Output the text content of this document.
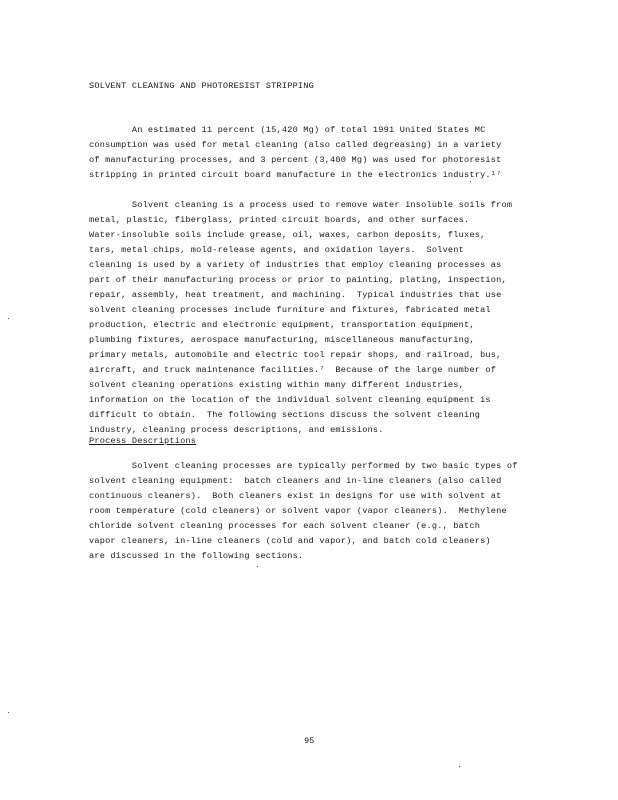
SOLVENT CLEANING AND PHOTORESIST STRIPPING
An estimated 11 percent (15,420 Mg) of total 1991 United States MC
consumption was used for metal cleaning (also called degreasing) in a variety
of manufacturing processes, and 3 percent (3,400 Mg) was used for photoresist
stripping in printed circuit board manufacture in the electronics industry.¹⁷
Solvent cleaning is a process used to remove water insoluble soils from
metal, plastic, fiberglass, printed circuit boards, and other surfaces.
Water-insoluble soils include grease, oil, waxes, carbon deposits, fluxes,
tars, metal chips, mold-release agents, and oxidation layers.  Solvent
cleaning is used by a variety of industries that employ cleaning processes as
part of their manufacturing process or prior to painting, plating, inspection,
repair, assembly, heat treatment, and machining.  Typical industries that use
solvent cleaning processes include furniture and fixtures, fabricated metal
production, electric and electronic equipment, transportation equipment,
plumbing fixtures, aerospace manufacturing, miscellaneous manufacturing,
primary metals, automobile and electric tool repair shops, and railroad, bus,
aircraft, and truck maintenance facilities.⁷  Because of the large number of
solvent cleaning operations existing within many different industries,
information on the location of the individual solvent cleaning equipment is
difficult to obtain.  The following sections discuss the solvent cleaning
industry, cleaning process descriptions, and emissions.
Process Descriptions
Solvent cleaning processes are typically performed by two basic types of
solvent cleaning equipment:  batch cleaners and in-line cleaners (also called
continuous cleaners).  Both cleaners exist in designs for use with solvent at
room temperature (cold cleaners) or solvent vapor (vapor cleaners).  Methylene
chloride solvent cleaning processes for each solvent cleaner (e.g., batch
vapor cleaners, in-line cleaners (cold and vapor), and batch cold cleaners)
are discussed in the following sections.
95
